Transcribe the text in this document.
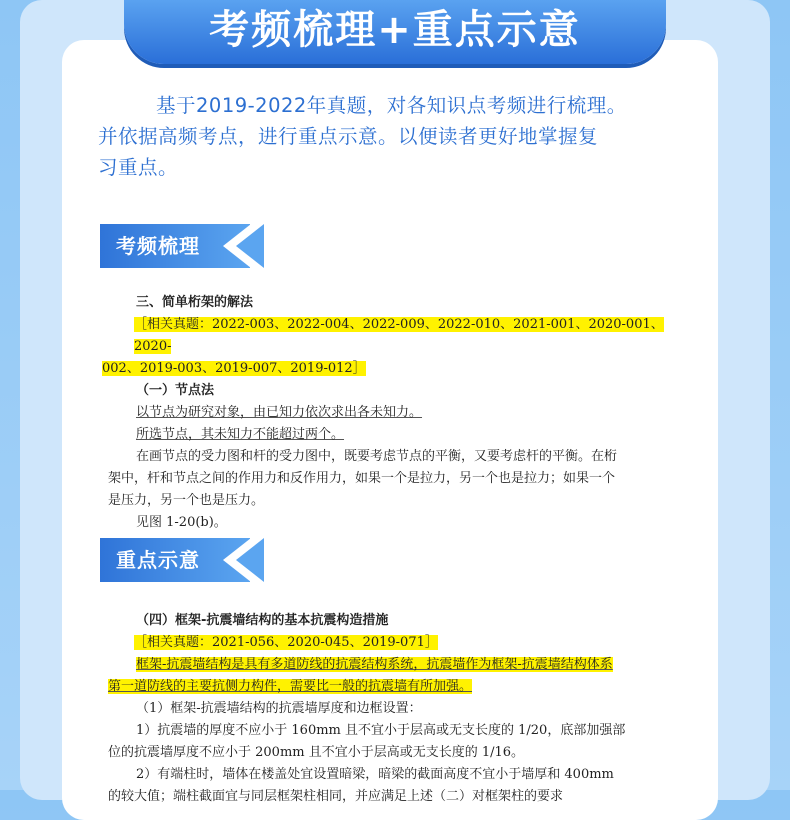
考频梳理+重点示意
基于2019-2022年真题，对各知识点考频进行梳理。
并依据高频考点，进行重点示意。以便读者更好地掌握复
习重点。
考频梳理
三、简单桁架的解法
［相关真题：2022-003、2022-004、2022-009、2022-010、2021-001、2020-001、2020-
002、2019-003、2019-007、2019-012］
（一）节点法
以节点为研究对象，由已知力依次求出各未知力。
所选节点，其未知力不能超过两个。
在画节点的受力图和杆的受力图中，既要考虑节点的平衡，又要考虑杆的平衡。在桁
架中，杆和节点之间的作用力和反作用力，如果一个是拉力，另一个也是拉力；如果一个
是压力，另一个也是压力。
见图 1-20(b)。
重点示意
（四）框架-抗震墙结构的基本抗震构造措施
［相关真题：2021-056、2020-045、2019-071］
框架-抗震墙结构是具有多道防线的抗震结构系统，抗震墙作为框架-抗震墙结构体系
第一道防线的主要抗侧力构件，需要比一般的抗震墙有所加强。
（1）框架-抗震墙结构的抗震墙厚度和边框设置：
1）抗震墙的厚度不应小于 160mm 且不宜小于层高或无支长度的 1/20，底部加强部
位的抗震墙厚度不应小于 200mm 且不宜小于层高或无支长度的 1/16。
2）有端柱时，墙体在楼盖处宜设置暗梁，暗梁的截面高度不宜小于墙厚和 400mm
的较大值；端柱截面宜与同层框架柱相同，并应满足上述（二）对框架柱的要求
